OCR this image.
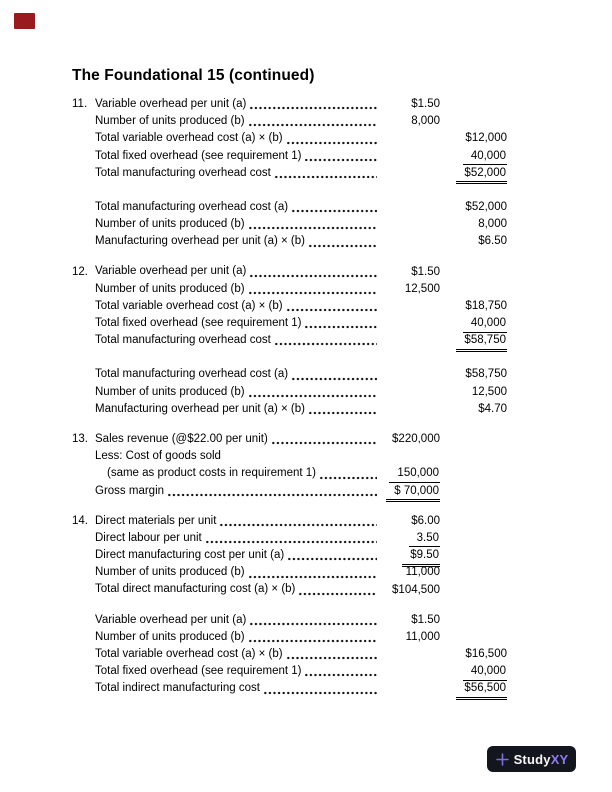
The Foundational 15 (continued)
11. Variable overhead per unit (a)	$1.50
Number of units produced (b)	8,000
Total variable overhead cost (a) × (b)	$12,000
Total fixed overhead (see requirement 1)	40,000
Total manufacturing overhead cost	$52,000
Total manufacturing overhead cost (a)	$52,000
Number of units produced (b)	8,000
Manufacturing overhead per unit (a) × (b)	$6.50
12. Variable overhead per unit (a)	$1.50
Number of units produced (b)	12,500
Total variable overhead cost (a) × (b)	$18,750
Total fixed overhead (see requirement 1)	40,000
Total manufacturing overhead cost	$58,750
Total manufacturing overhead cost (a)	$58,750
Number of units produced (b)	12,500
Manufacturing overhead per unit (a) × (b)	$4.70
13. Sales revenue (@$22.00 per unit)	$220,000
Less: Cost of goods sold
(same as product costs in requirement 1)	150,000
Gross margin	$ 70,000
14. Direct materials per unit	$6.00
Direct labour per unit	3.50
Direct manufacturing cost per unit (a)	$9.50
Number of units produced (b)	11,000
Total direct manufacturing cost (a) × (b)	$104,500
Variable overhead per unit (a)	$1.50
Number of units produced (b)	11,000
Total variable overhead cost (a) × (b)	$16,500
Total fixed overhead (see requirement 1)	40,000
Total indirect manufacturing cost	$56,500
StudyXY
